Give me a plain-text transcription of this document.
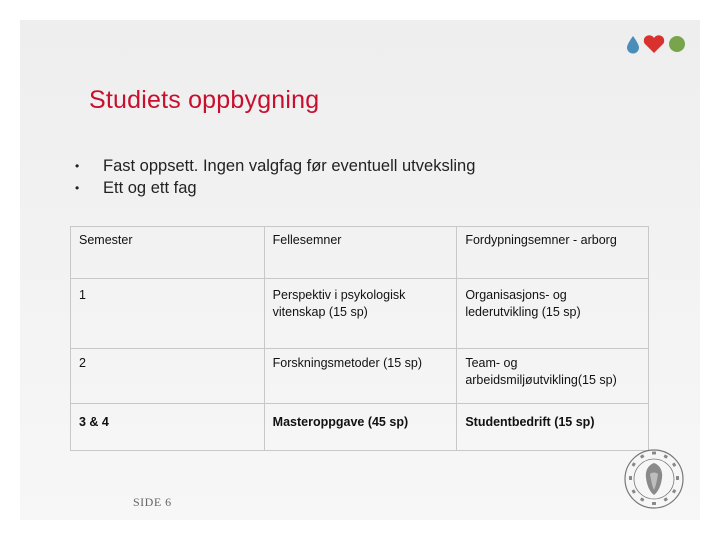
Studiets oppbygning
• Fast oppsett. Ingen valgfag før eventuell utveksling
• Ett og ett fag
Semester	Fellesemner	Fordypningsemner - arborg
1	Perspektiv i psykologisk vitenskap (15 sp)	Organisasjons- og lederutvikling (15 sp)
2	Forskningsmetoder (15 sp)	Team- og arbeidsmiljøutvikling(15 sp)
3 & 4	Masteroppgave (45 sp)	Studentbedrift (15 sp)
SIDE 6
